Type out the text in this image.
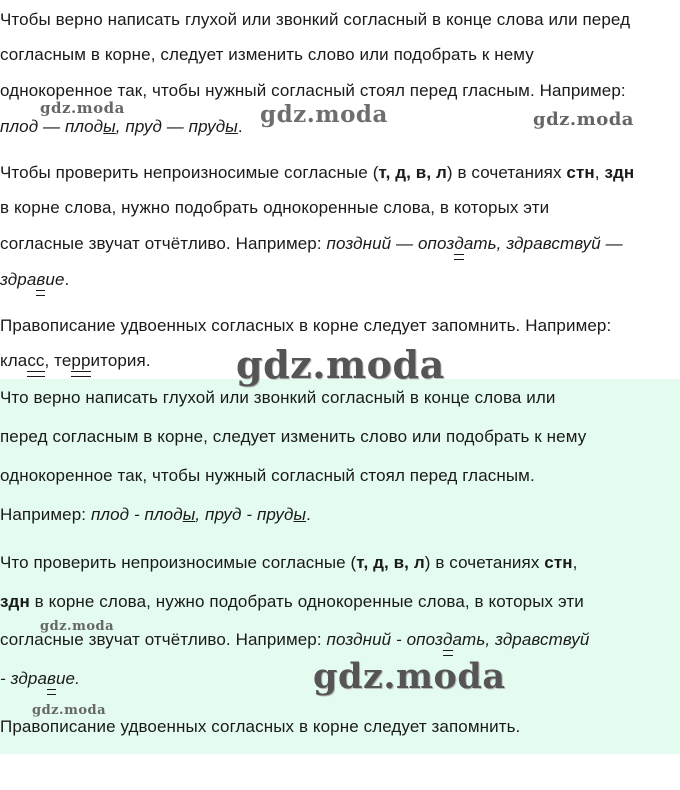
Чтобы верно написать глухой или звонкий согласный в конце слова или перед
согласным в корне, следует изменить слово или подобрать к нему
однокоренное так, чтобы нужный согласный стоял перед гласным. Например:
плод — плоды, пруд — пруды.
Чтобы проверить непроизносимые согласные (т, д, в, л) в сочетаниях стн, здн
в корне слова, нужно подобрать однокоренные слова, в которых эти
согласные звучат отчётливо. Например: поздний — опоздать, здравствуй —
здравие.
Правописание удвоенных согласных в корне следует запомнить. Например:
класс, территория.
Что верно написать глухой или звонкий согласный в конце слова или
перед согласным в корне, следует изменить слово или подобрать к нему
однокоренное так, чтобы нужный согласный стоял перед гласным.
Например: плод - плоды, пруд - пруды.
Что проверить непроизносимые согласные (т, д, в, л) в сочетаниях стн,
здн в корне слова, нужно подобрать однокоренные слова, в которых эти
согласные звучат отчётливо. Например: поздний - опоздать, здравствуй
- здравие.
Правописание удвоенных согласных в корне следует запомнить.
gdz.moda	gdz.moda	gdz.moda
gdz.moda
gdz.moda
gdz.moda
gdz.moda
